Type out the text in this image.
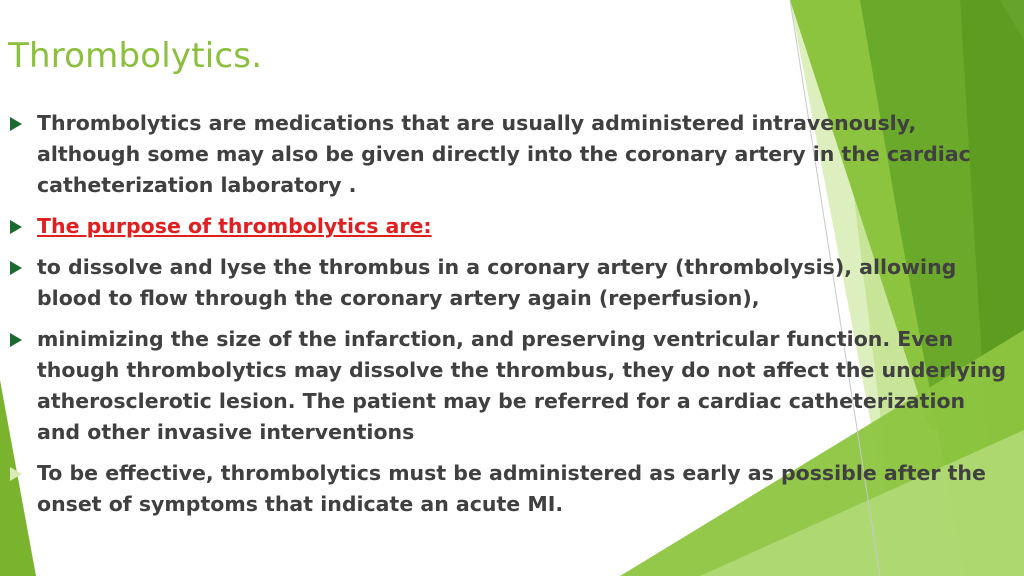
Thrombolytics.
Thrombolytics are medications that are usually administered intravenously, although some may also be given directly into the coronary artery in the cardiac catheterization laboratory .
The purpose of thrombolytics are:
to dissolve and lyse the thrombus in a coronary artery (thrombolysis), allowing blood to flow through the coronary artery again (reperfusion),
minimizing the size of the infarction, and preserving ventricular function. Even though thrombolytics may dissolve the thrombus, they do not affect the underlying atherosclerotic lesion. The patient may be referred for a cardiac catheterization and other invasive interventions
To be effective, thrombolytics must be administered as early as possible after the onset of symptoms that indicate an acute MI.
